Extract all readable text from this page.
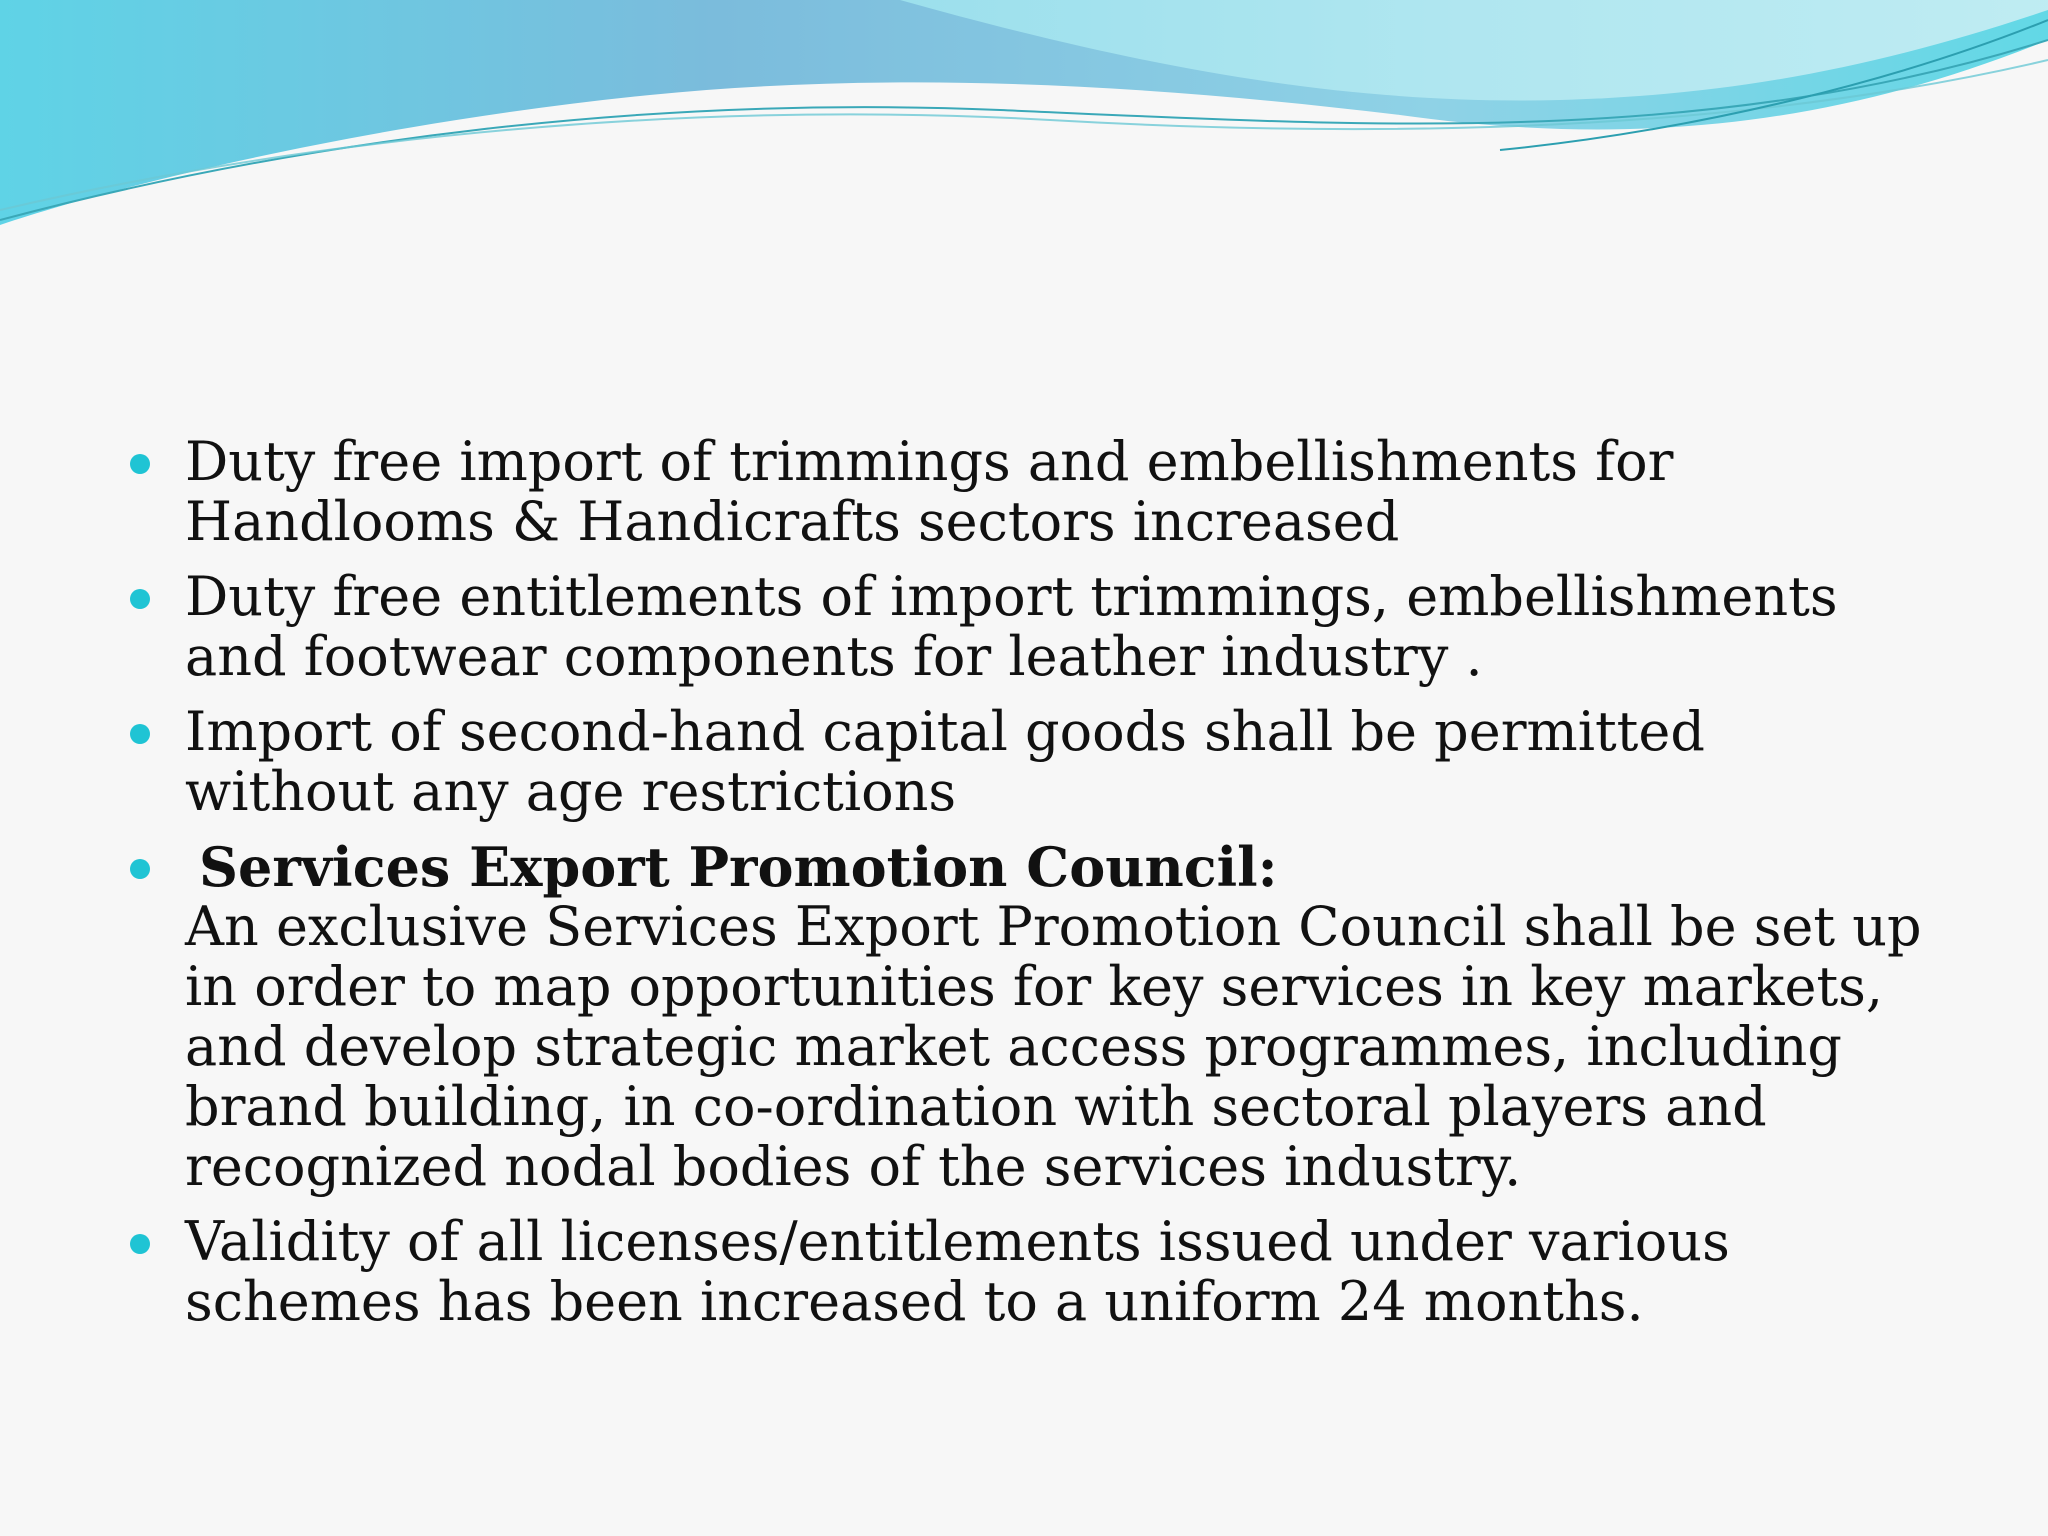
Duty free import of trimmings and embellishments for Handlooms & Handicrafts sectors increased
Duty free entitlements of import trimmings, embellishments and footwear components for leather industry .
Import of second-hand capital goods shall be permitted without any age restrictions
Services Export Promotion Council:
An exclusive Services Export Promotion Council shall be set up in order to map opportunities for key services in key markets, and develop strategic market access programmes, including brand building, in co-ordination with sectoral players and recognized nodal bodies of the services industry.
Validity of all licenses/entitlements issued under various schemes has been increased to a uniform 24 months.
